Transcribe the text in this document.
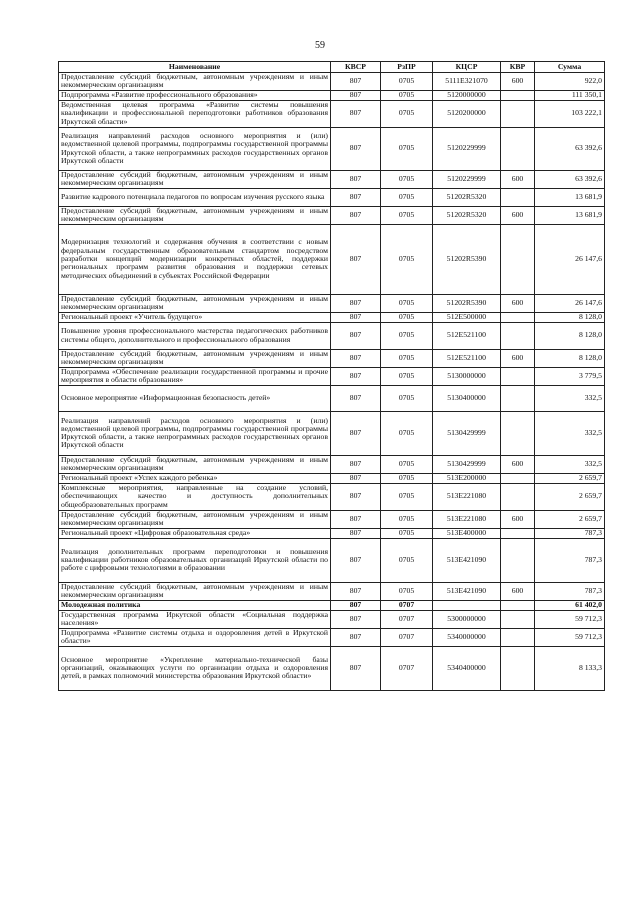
59
Наименование	КВСР	РзПР	КЦСР	КВР	Сумма
Предоставление субсидий бюджетным, автономным учреждениям и иным некоммерческим организациям	807	0705	5111E321070	600	922,0
Подпрограмма «Развитие профессионального образования»	807	0705	5120000000		111 350,1
Ведомственная целевая программа «Развитие системы повышения квалификации и профессиональной переподготовки работников образования Иркутской области»	807	0705	5120200000		103 222,1
Реализация направлений расходов основного мероприятия и (или) ведомственной целевой программы, подпрограммы государственной программы Иркутской области, а также непрограммных расходов государственных органов Иркутской области	807	0705	5120229999		63 392,6
Предоставление субсидий бюджетным, автономным учреждениям и иным некоммерческим организациям	807	0705	5120229999	600	63 392,6
Развитие кадрового потенциала педагогов по вопросам изучения русского языка	807	0705	51202R5320		13 681,9
Предоставление субсидий бюджетным, автономным учреждениям и иным некоммерческим организациям	807	0705	51202R5320	600	13 681,9
Модернизация технологий и содержания обучения в соответствии с новым федеральным государственным образовательным стандартом посредством разработки концепций модернизации конкретных областей, поддержки региональных программ развития образования и поддержки сетевых методических объединений в субъектах Российской Федерации	807	0705	51202R5390		26 147,6
Предоставление субсидий бюджетным, автономным учреждениям и иным некоммерческим организациям	807	0705	51202R5390	600	26 147,6
Региональный проект «Учитель будущего»	807	0705	512E500000		8 128,0
Повышение уровня профессионального мастерства педагогических работников системы общего, дополнительного и профессионального образования	807	0705	512E521100		8 128,0
Предоставление субсидий бюджетным, автономным учреждениям и иным некоммерческим организациям	807	0705	512E521100	600	8 128,0
Подпрограмма «Обеспечение реализации государственной программы и прочие мероприятия в области образования»	807	0705	5130000000		3 779,5
Основное мероприятие «Информационная безопасность детей»	807	0705	5130400000		332,5
Реализация направлений расходов основного мероприятия и (или) ведомственной целевой программы, подпрограммы государственной программы Иркутской области, а также непрограммных расходов государственных органов Иркутской области	807	0705	5130429999		332,5
Предоставление субсидий бюджетным, автономным учреждениям и иным некоммерческим организациям	807	0705	5130429999	600	332,5
Региональный проект «Успех каждого ребенка»	807	0705	513E200000		2 659,7
Комплексные мероприятия, направленные на создание условий, обеспечивающих качество и доступность дополнительных общеобразовательных программ	807	0705	513E221080		2 659,7
Предоставление субсидий бюджетным, автономным учреждениям и иным некоммерческим организациям	807	0705	513E221080	600	2 659,7
Региональный проект «Цифровая образовательная среда»	807	0705	513E400000		787,3
Реализация дополнительных программ переподготовки и повышения квалификации работников образовательных организаций Иркутской области по работе с цифровыми технологиями в образовании	807	0705	513E421090		787,3
Предоставление субсидий бюджетным, автономным учреждениям и иным некоммерческим организациям	807	0705	513E421090	600	787,3
Молодежная политика	807	0707			61 402,0
Государственная программа Иркутской области «Социальная поддержка населения»	807	0707	5300000000		59 712,3
Подпрограмма «Развитие системы отдыха и оздоровления детей в Иркутской области»	807	0707	5340000000		59 712,3
Основное мероприятие «Укрепление материально-технической базы организаций, оказывающих услуги по организации отдыха и оздоровления детей, в рамках полномочий министерства образования Иркутской области»	807	0707	5340400000		8 133,3
